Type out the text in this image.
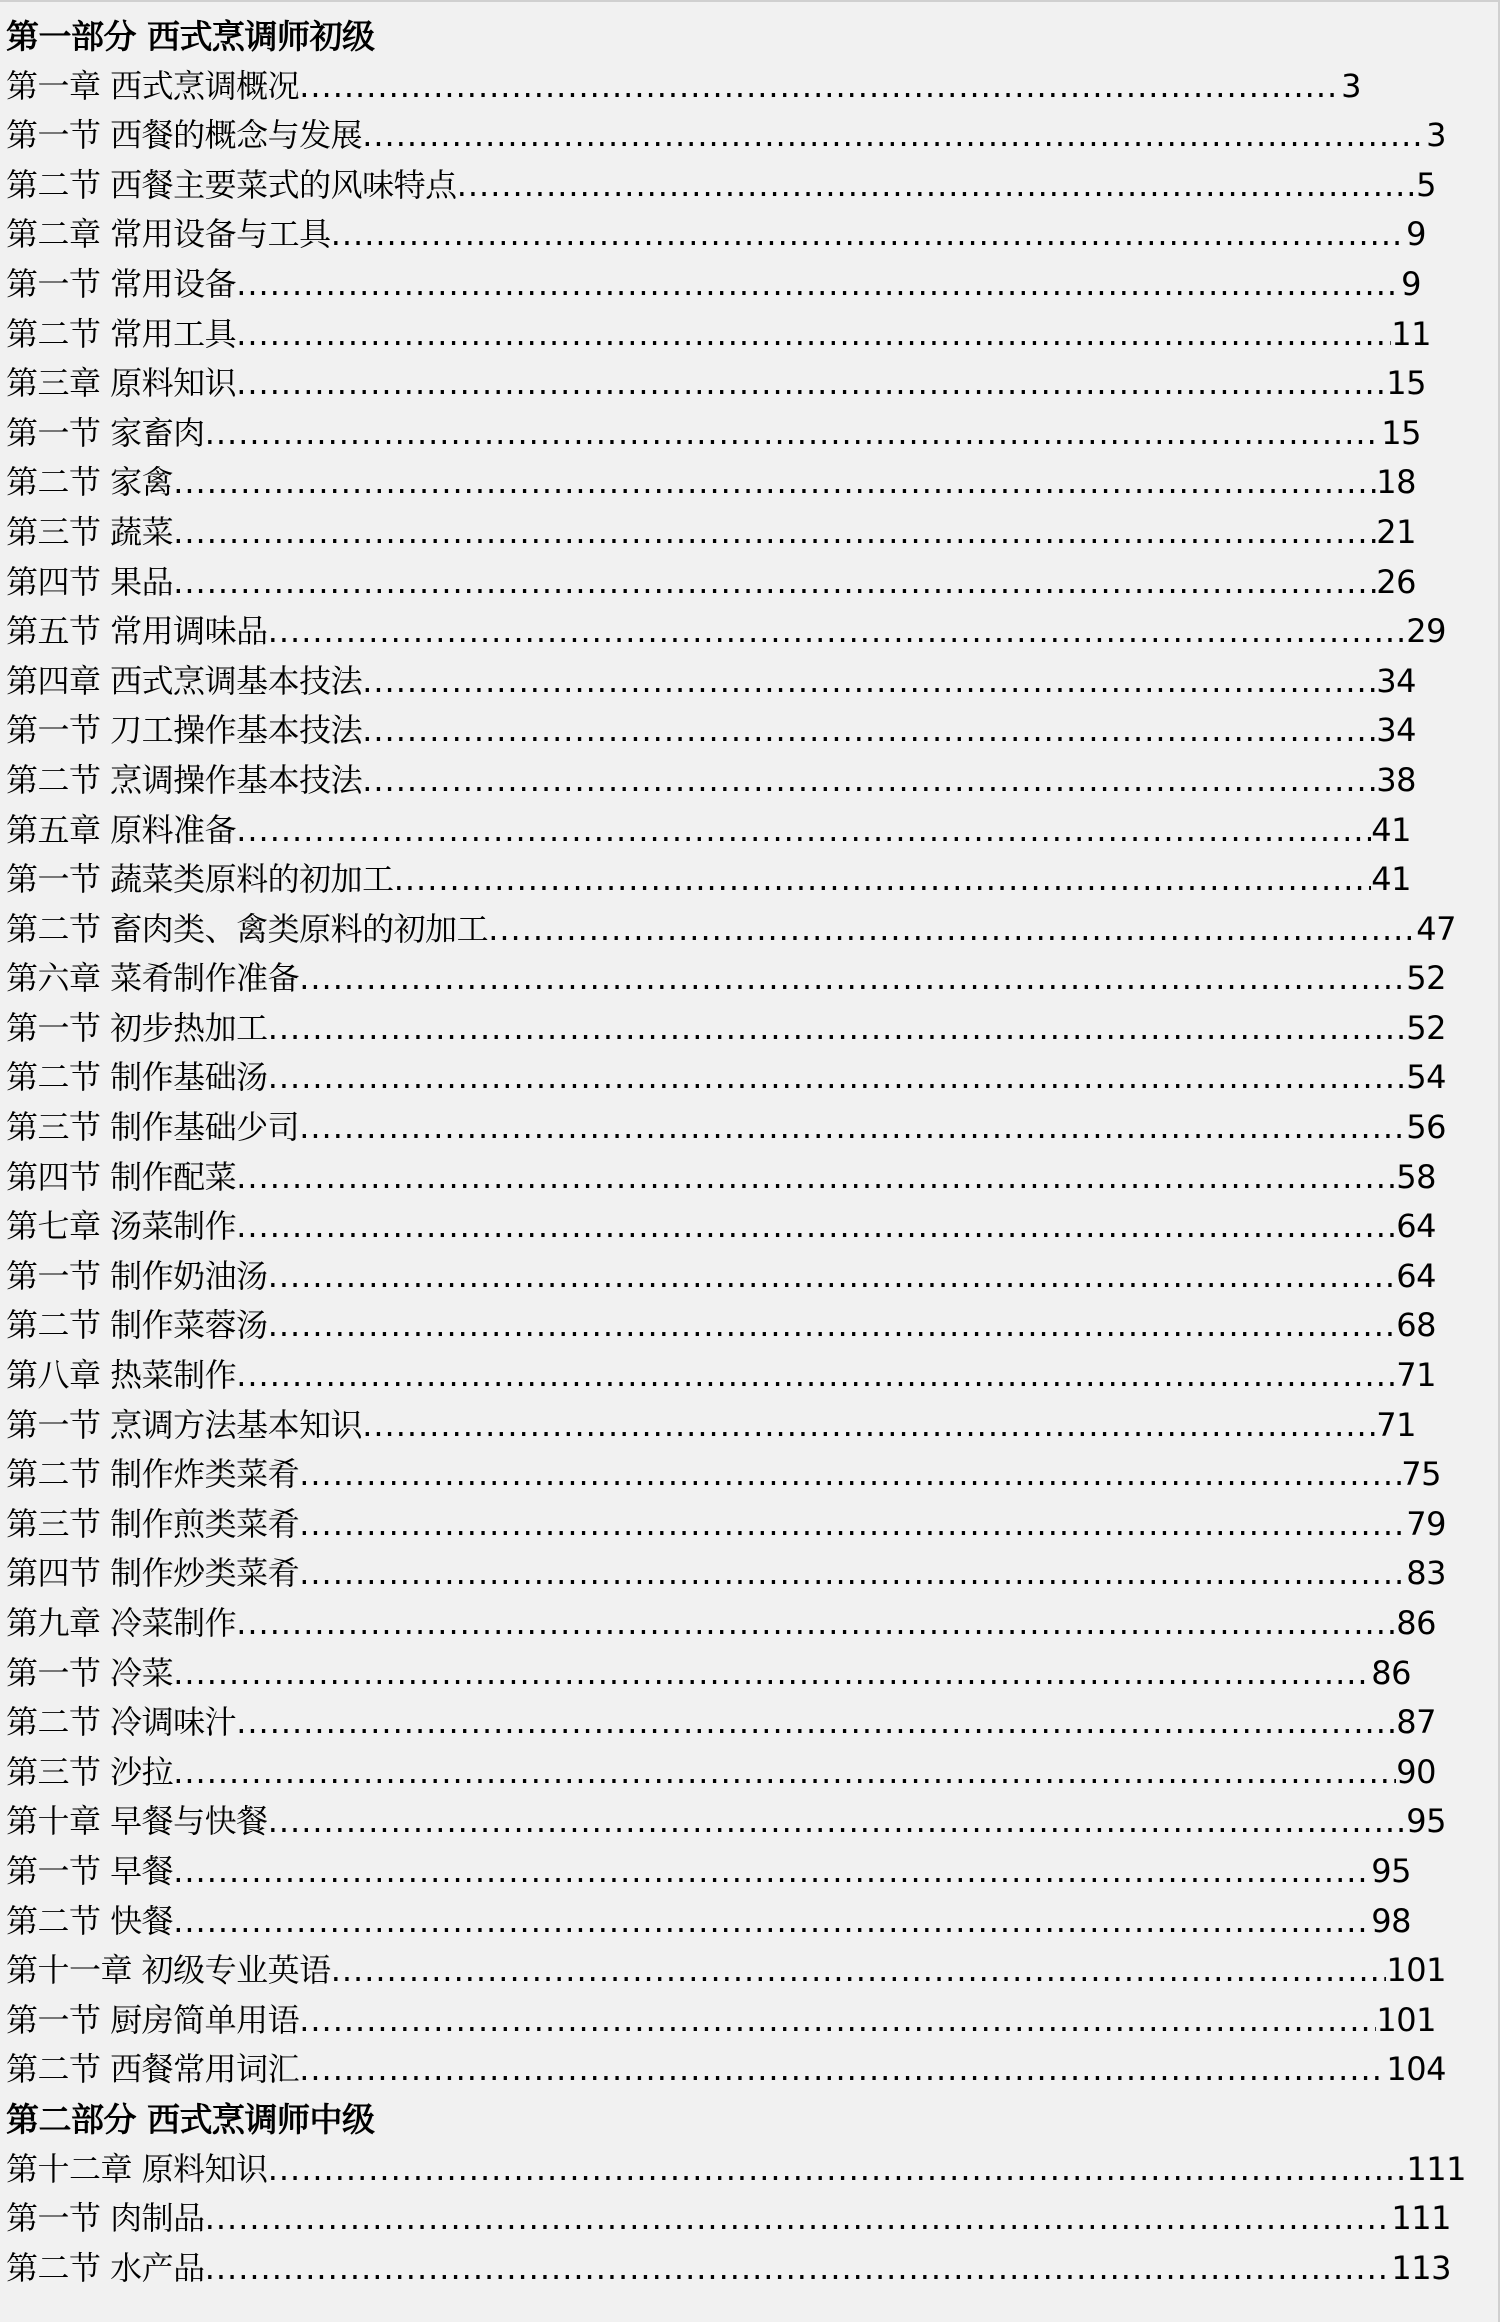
第一部分 西式烹调师初级
第一章 西式烹调概况 .....	3
第一节 西餐的概念与发展 .....	3
第二节 西餐主要菜式的风味特点 .....	5
第二章 常用设备与工具 .....	9
第一节 常用设备 .....	9
第二节 常用工具 .....	11
第三章 原料知识 .....	15
第一节 家畜肉 .....	15
第二节 家禽 .....	18
第三节 蔬菜 .....	21
第四节 果品 .....	26
第五节 常用调味品 .....	29
第四章 西式烹调基本技法 .....	34
第一节 刀工操作基本技法 .....	34
第二节 烹调操作基本技法 .....	38
第五章 原料准备 .....	41
第一节 蔬菜类原料的初加工 .....	41
第二节 畜肉类、禽类原料的初加工 .....	47
第六章 菜肴制作准备 .....	52
第一节 初步热加工 .....	52
第二节 制作基础汤 .....	54
第三节 制作基础少司 .....	56
第四节 制作配菜 .....	58
第七章 汤菜制作 .....	64
第一节 制作奶油汤 .....	64
第二节 制作菜蓉汤 .....	68
第八章 热菜制作 .....	71
第一节 烹调方法基本知识 .....	71
第二节 制作炸类菜肴 .....	75
第三节 制作煎类菜肴 .....	79
第四节 制作炒类菜肴 .....	83
第九章 冷菜制作 .....	86
第一节 冷菜 .....	86
第二节 冷调味汁 .....	87
第三节 沙拉 .....	90
第十章 早餐与快餐 .....	95
第一节 早餐 .....	95
第二节 快餐 .....	98
第十一章 初级专业英语 .....	101
第一节 厨房简单用语 .....	101
第二节 西餐常用词汇 .....	104
第二部分 西式烹调师中级
第十二章 原料知识 .....	111
第一节 肉制品 .....	111
第二节 水产品 .....	113
